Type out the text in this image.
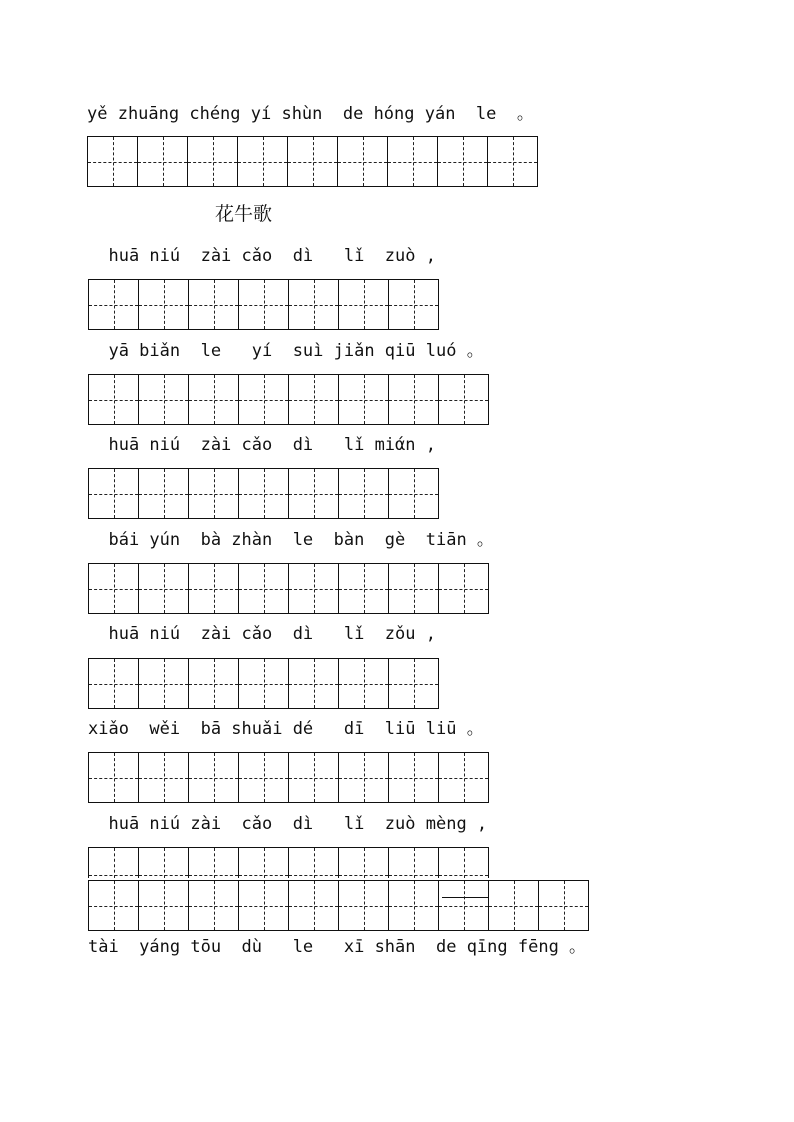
yě zhuāng chéng yí shùn  de hóng yán  le  。
花牛歌
huā niú  zài cǎo  dì   lǐ  zuò ,
yā biǎn  le   yí  suì jiǎn qiū luó 。
huā niú  zài cǎo  dì   lǐ miάn ,
bái yún  bà zhàn  le  bàn  gè  tiān 。
huā niú  zài cǎo  dì   lǐ  zǒu ,
xiǎo  wěi  bā shuǎi dé   dī  liū liū 。
huā niú zài  cǎo  dì   lǐ  zuò mèng ,
tài  yáng tōu  dù   le   xī shān  de qīng fēng 。
